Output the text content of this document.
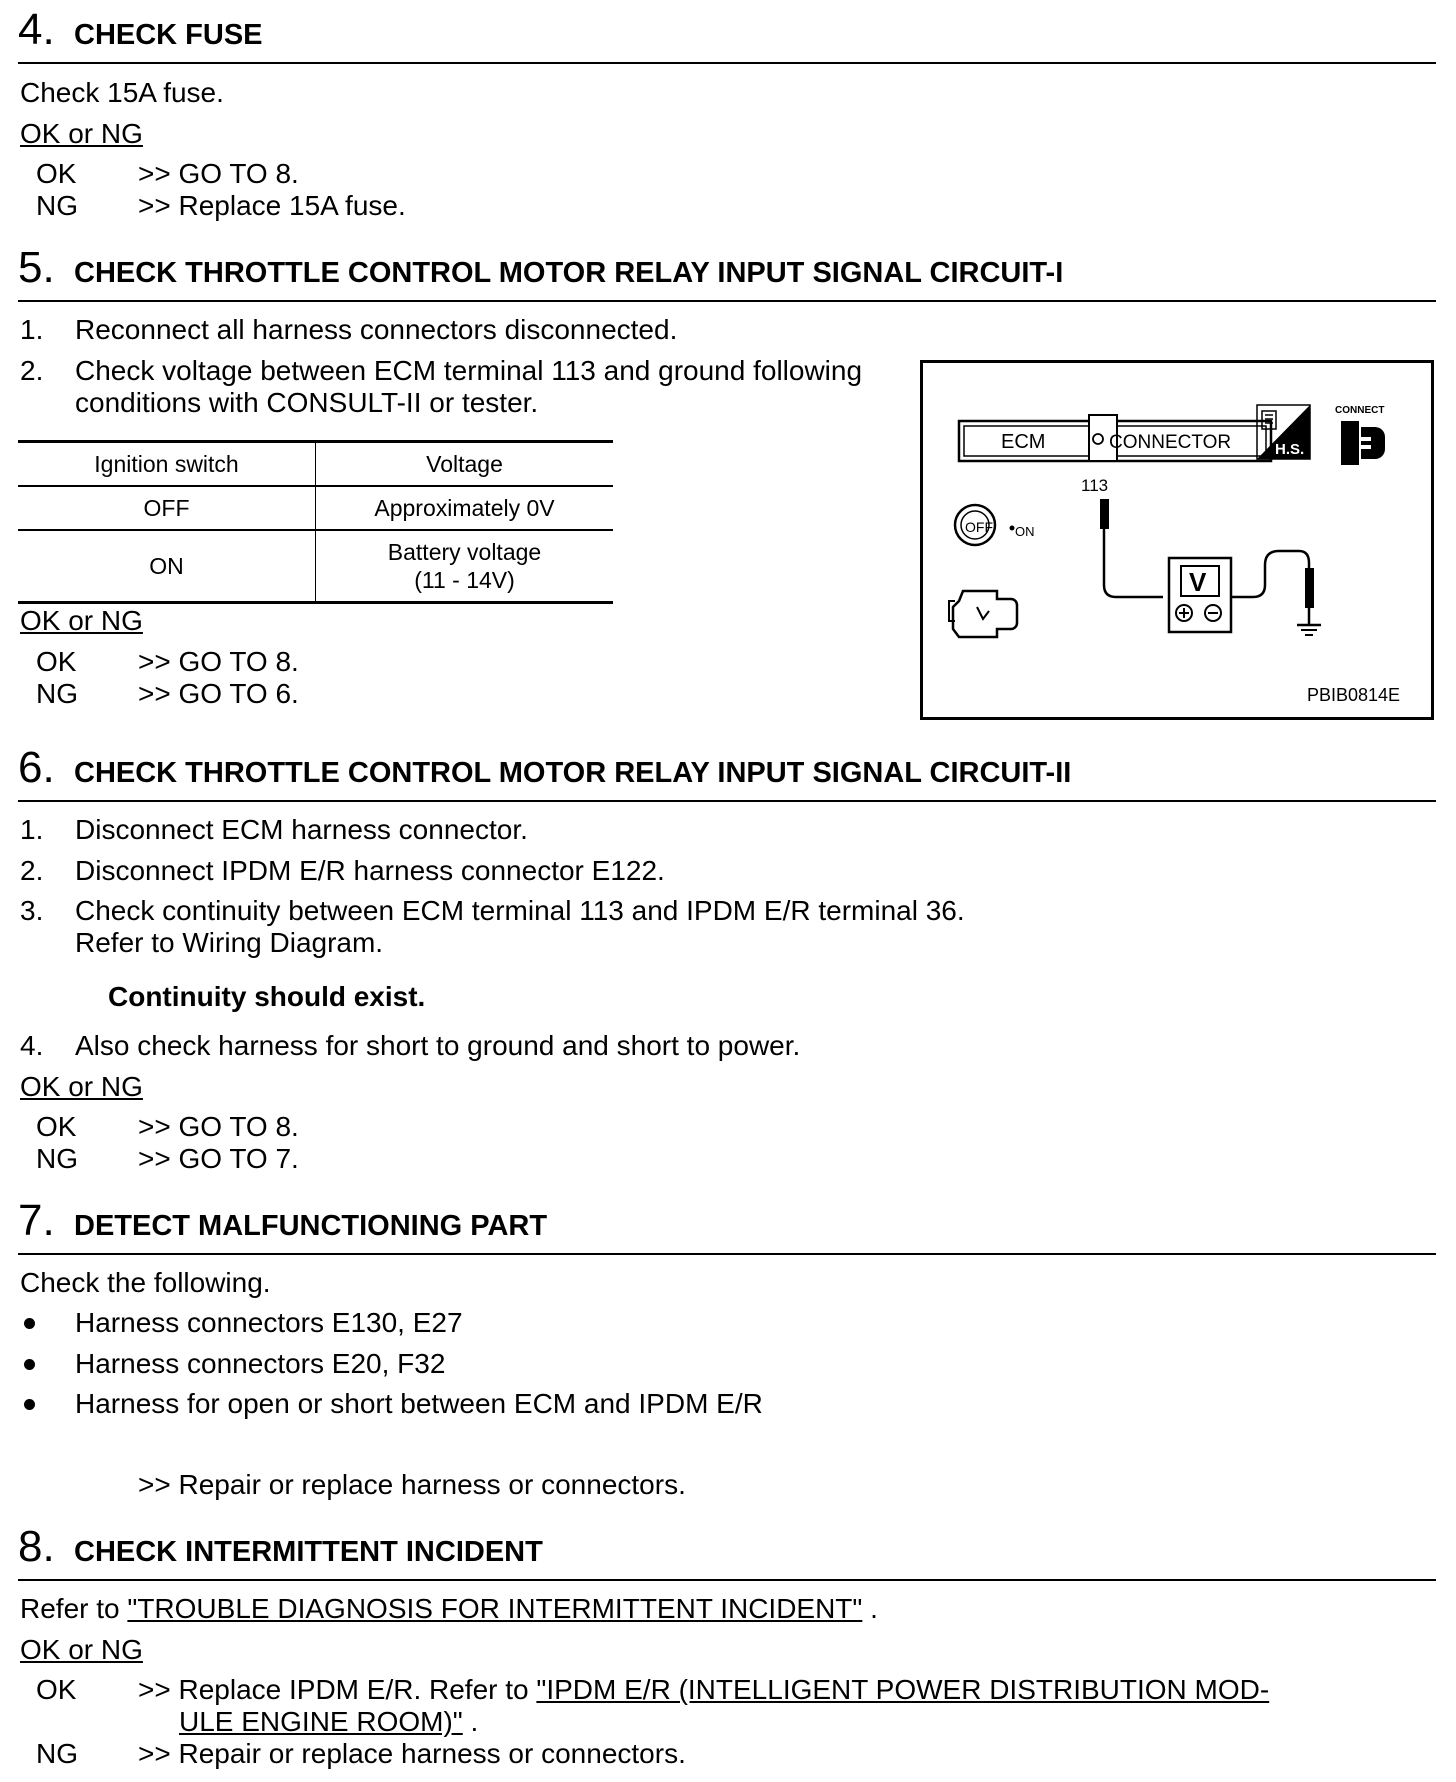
4. CHECK FUSE
Check 15A fuse.
OK or NG
OK >> GO TO 8.
NG >> Replace 15A fuse.
5. CHECK THROTTLE CONTROL MOTOR RELAY INPUT SIGNAL CIRCUIT-I
1. Reconnect all harness connectors disconnected.
2. Check voltage between ECM terminal 113 and ground following
conditions with CONSULT-II or tester.
Ignition switch	Voltage
OFF	Approximately 0V
ON	Battery voltage
(11 - 14V)
OK or NG
OK >> GO TO 8.
NG >> GO TO 6.
ECM	CONNECTOR	H.S.
CONNECT
113
V
OFF ON
PBIB0814E
6. CHECK THROTTLE CONTROL MOTOR RELAY INPUT SIGNAL CIRCUIT-II
1. Disconnect ECM harness connector.
2. Disconnect IPDM E/R harness connector E122.
3. Check continuity between ECM terminal 113 and IPDM E/R terminal 36.
Refer to Wiring Diagram.
Continuity should exist.
4. Also check harness for short to ground and short to power.
OK or NG
OK >> GO TO 8.
NG >> GO TO 7.
7. DETECT MALFUNCTIONING PART
Check the following.
Harness connectors E130, E27
Harness connectors E20, F32
Harness for open or short between ECM and IPDM E/R
>> Repair or replace harness or connectors.
8. CHECK INTERMITTENT INCIDENT
Refer to "TROUBLE DIAGNOSIS FOR INTERMITTENT INCIDENT" .
OK or NG
OK >> Replace IPDM E/R. Refer to "IPDM E/R (INTELLIGENT POWER DISTRIBUTION MOD-
ULE ENGINE ROOM)" .
NG >> Repair or replace harness or connectors.
